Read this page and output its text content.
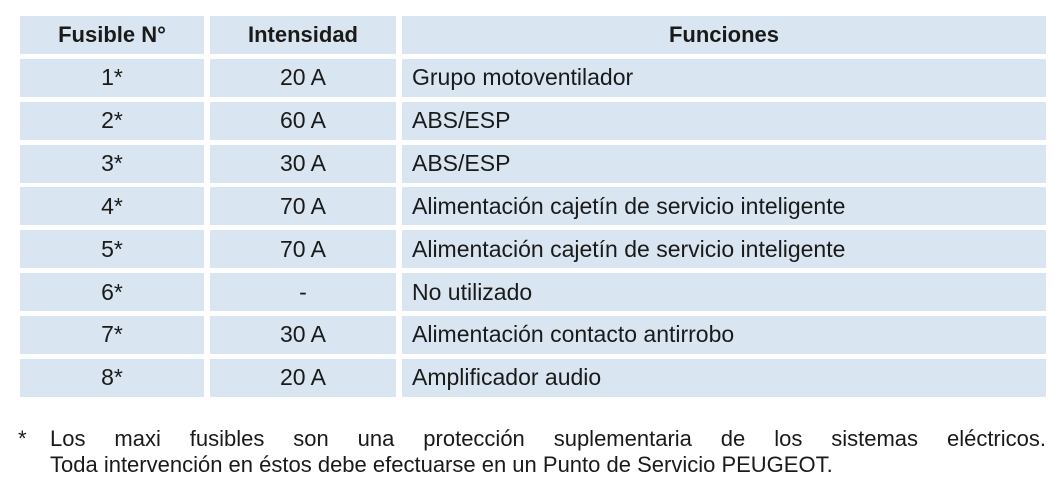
Fusible N°	Intensidad	Funciones
1*	20 A	Grupo motoventilador
2*	60 A	ABS/ESP
3*	30 A	ABS/ESP
4*	70 A	Alimentación cajetín de servicio inteligente
5*	70 A	Alimentación cajetín de servicio inteligente
6*	-	No utilizado
7*	30 A	Alimentación contacto antirrobo
8*	20 A	Amplificador audio
*	Los maxi fusibles son una protección suplementaria de los sistemas eléctricos.
Toda intervención en éstos debe efectuarse en un Punto de Servicio PEUGEOT.
